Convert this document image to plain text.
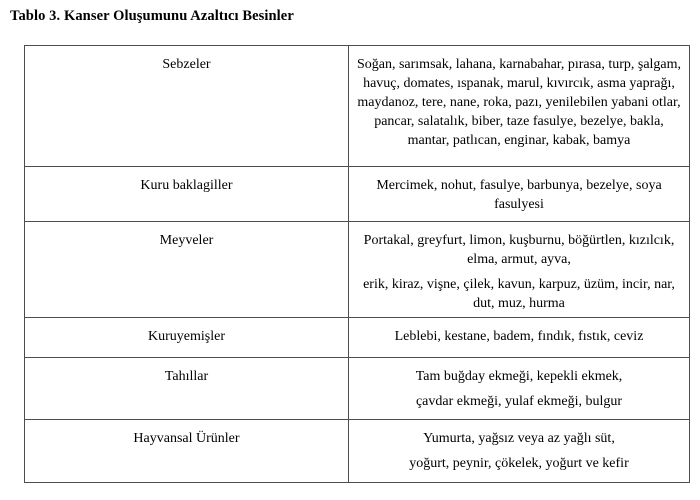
Tablo 3. Kanser Oluşumunu Azaltıcı Besinler

Sebzeler	Soğan, sarımsak, lahana, karnabahar, pırasa, turp, şalgam, havuç, domates, ıspanak, marul, kıvırcık, asma yaprağı, maydanoz, tere, nane, roka, pazı, yenilebilen yabani otlar, pancar, salatalık, biber, taze fasulye, bezelye, bakla, mantar, patlıcan, enginar, kabak, bamya

Kuru baklagiller	Mercimek, nohut, fasulye, barbunya, bezelye, soya fasulyesi

Meyveler	Portakal, greyfurt, limon, kuşburnu, böğürtlen, kızılcık, elma, armut, ayva,

erik, kiraz, vişne, çilek, kavun, karpuz, üzüm, incir, nar, dut, muz, hurma

Kuruyemişler	Leblebi, kestane, badem, fındık, fıstık, ceviz

Tahıllar	Tam buğday ekmeği, kepekli ekmek,

çavdar ekmeği, yulaf ekmeği, bulgur

Hayvansal Ürünler	Yumurta, yağsız veya az yağlı süt,

yoğurt, peynir, çökelek, yoğurt ve kefir
